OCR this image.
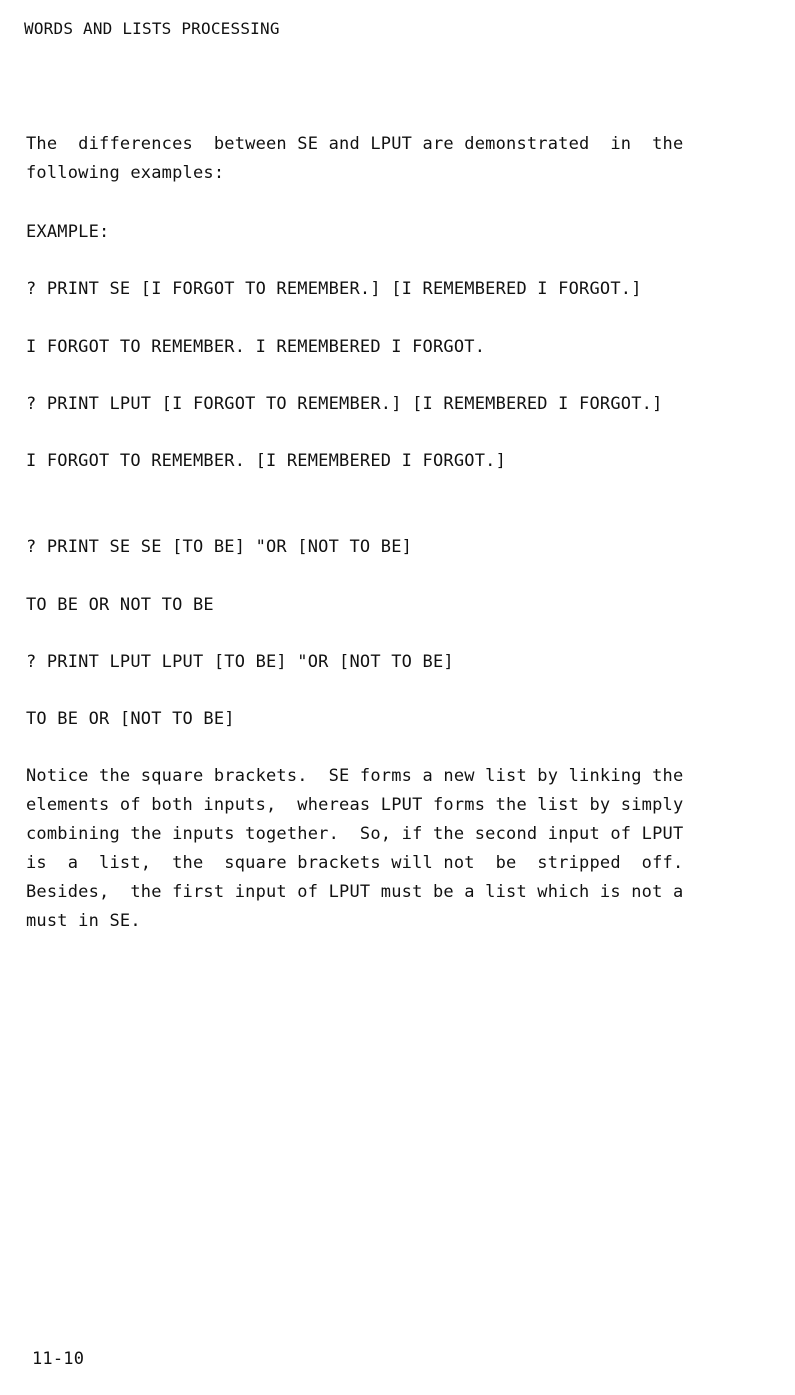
WORDS AND LISTS PROCESSING
The  differences  between SE and LPUT are demonstrated  in  the
following examples:
EXAMPLE:
? PRINT SE [I FORGOT TO REMEMBER.] [I REMEMBERED I FORGOT.]
I FORGOT TO REMEMBER. I REMEMBERED I FORGOT.
? PRINT LPUT [I FORGOT TO REMEMBER.] [I REMEMBERED I FORGOT.]
I FORGOT TO REMEMBER. [I REMEMBERED I FORGOT.]
? PRINT SE SE [TO BE] "OR [NOT TO BE]
TO BE OR NOT TO BE
? PRINT LPUT LPUT [TO BE] "OR [NOT TO BE]
TO BE OR [NOT TO BE]
Notice the square brackets.  SE forms a new list by linking the
elements of both inputs,  whereas LPUT forms the list by simply
combining the inputs together.  So, if the second input of LPUT
is  a  list,  the  square brackets will not  be  stripped  off.
Besides,  the first input of LPUT must be a list which is not a
must in SE.
11-10
